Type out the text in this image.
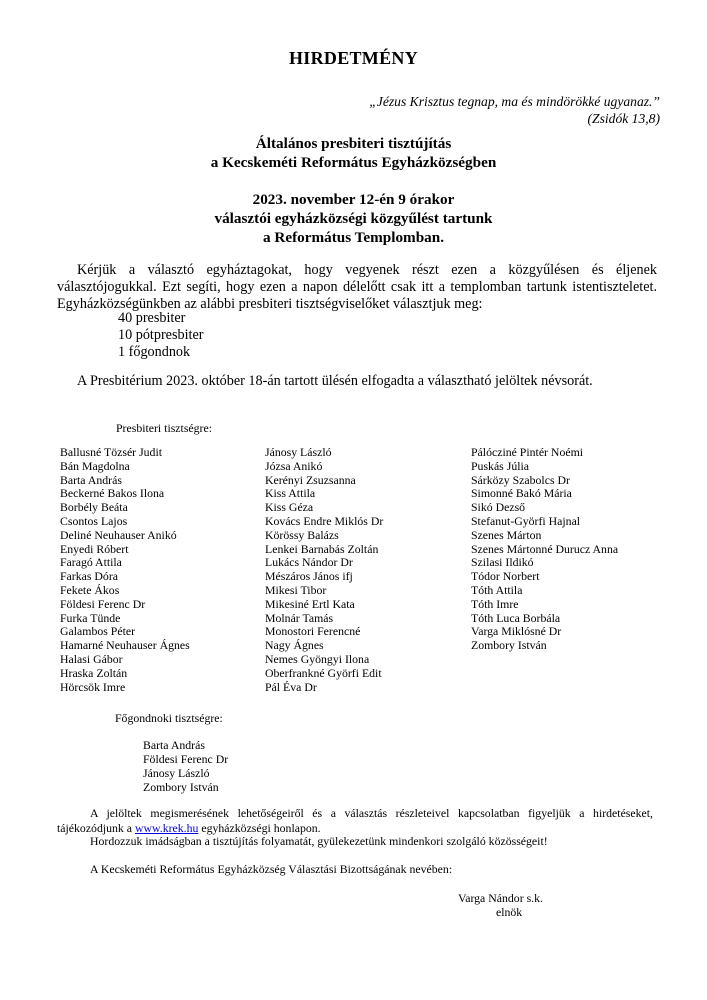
HIRDETMÉNY
„Jézus Krisztus tegnap, ma és mindörökké ugyanaz.”
(Zsidók 13,8)
Általános presbiteri tisztújítás
a Kecskeméti Református Egyházközségben
2023. november 12-én 9 órakor
választói egyházközségi közgyűlést tartunk
a Református Templomban.
Kérjük a választó egyháztagokat, hogy vegyenek részt ezen a közgyűlésen és éljenek választójogukkal. Ezt segíti, hogy ezen a napon délelőtt csak itt a templomban tartunk istentiszteletet. Egyházközségünkben az alábbi presbiteri tisztségviselőket választjuk meg:
40 presbiter
10 pótpresbiter
1 főgondnok
A Presbitérium 2023. október 18-án tartott ülésén elfogadta a választható jelöltek névsorát.
Presbiteri tisztségre:
Ballusné Tözsér Judit
Bán Magdolna
Barta András
Beckerné Bakos Ilona
Borbély Beáta
Csontos Lajos
Deliné Neuhauser Anikó
Enyedi Róbert
Faragó Attila
Farkas Dóra
Fekete Ákos
Földesi Ferenc Dr
Furka Tünde
Galambos Péter
Hamarné Neuhauser Ágnes
Halasi Gábor
Hraska Zoltán
Hörcsök Imre
Jánosy László
Józsa Anikó
Kerényi Zsuzsanna
Kiss Attila
Kiss Géza
Kovács Endre Miklós Dr
Körössy Balázs
Lenkei Barnabás Zoltán
Lukács Nándor Dr
Mészáros János ifj
Mikesi Tibor
Mikesiné Ertl Kata
Molnár Tamás
Monostori Ferencné
Nagy Ágnes
Nemes Gyöngyi Ilona
Oberfrankné Györfi Edit
Pál Éva Dr
Pálócziné Pintér Noémi
Puskás Júlia
Sárközy Szabolcs Dr
Simonné Bakó Mária
Sikó Dezső
Stefanut-Györfi Hajnal
Szenes Márton
Szenes Mártonné Durucz Anna
Szilasi Ildikó
Tódor Norbert
Tóth Attila
Tóth Imre
Tóth Luca Borbála
Varga Miklósné Dr
Zombory István
Főgondnoki tisztségre:
Barta András
Földesi Ferenc Dr
Jánosy László
Zombory István
A jelöltek megismerésének lehetőségeiről és a választás részleteivel kapcsolatban figyeljük a hirdetéseket, tájékozódjunk a www.krek.hu egyházközségi honlapon.
Hordozzuk imádságban a tisztújítás folyamatát, gyülekezetünk mindenkori szolgáló közösségeit!
A Kecskeméti Református Egyházközség Választási Bizottságának nevében:
Varga Nándor s.k.
elnök
